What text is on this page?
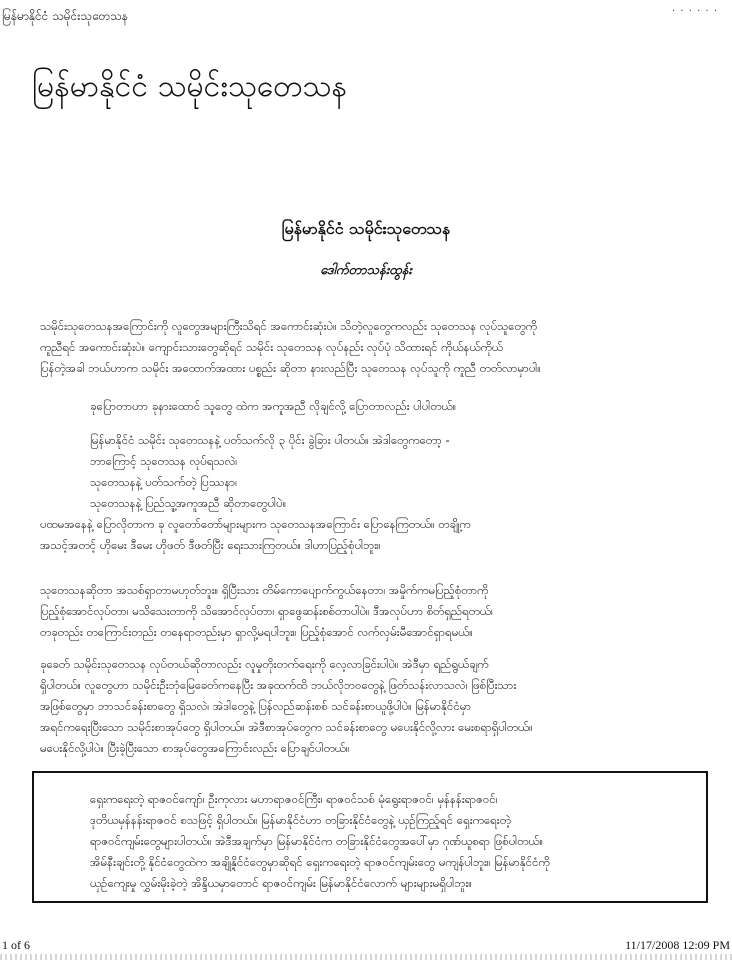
မြန်မာနိုင်ငံ သမိုင်းသုတေသန	· · · · · ·
မြန်မာနိုင်ငံ သမိုင်းသုတေသန
မြန်မာနိုင်ငံ သမိုင်းသုတေသန
ဒေါက်တာသန်းထွန်း
သမိုင်းသုတေသနအကြောင်းကို လူတွေအများကြီးသိရင် အကောင်းဆုံးပဲ။ သိတဲ့လူတွေကလည်း သုတေသန လုပ်သူတွေကို
ကူညီရင် အကောင်းဆုံးပဲ။ ကျောင်းသားတွေဆိုရင် သမိုင်း သုတေသန လုပ်နည်း လုပ်ပုံ သိထားရင် ကိုယ်နယ်ကိုယ်
ပြန်တဲ့အခါ ဘယ်ဟာက သမိုင်း အထောက်အထား ပစ္စည်း ဆိုတာ နားလည်ပြီး သုတေသန လုပ်သူကို ကူညီ တတ်လာမှာပါ။
ခုပြောတာဟာ ခုနားထောင် သူတွေ ထဲက အကူအညီ လိုချင်လို့ ပြောတာလည်း ပါပါတယ်။
မြန်မာနိုင်ငံ သမိုင်း သုတေသနနဲ့ ပတ်သက်လို ၃ ပိုင်း ခွဲခြား ပါတယ်။ အဲဒါတွေကတော့ -
ဘာကြောင့် သုတေသန လုပ်ရသလဲ၊
သုတေသနနဲ့ ပတ်သက်တဲ့ ပြဿနာ၊
သုတေသနနဲ့ ပြည်သူ့အကူအညီ ဆိုတာတွေပါပဲ။
ပထမအနေနဲ့ ပြောလိုတာက ခု လူတော်တော်များများက သုတေသနအကြောင်း ပြောနေကြတယ်။ တချို့က
အသင့်အတင့် ဟိုမေး ဒီမေး ဟိုဖတ် ဒီဖတ်ပြီး ရေးသားကြတယ်။ ဒါဟာပြည့်စုံပါဘူး။
သုတေသနဆိုတာ အသစ်ရှာတာမဟုတ်ဘူး။ ရှိပြီးသား တိမ်ကောပျောက်ကွယ်နေတာ၊ အမှိုက်ကမပြည့်စုံတာကို
ပြည့်စုံအောင်လုပ်တာ၊ မသိသေးတာကို သိအောင်လုပ်တာ၊ ရှာဖွေဆန်းစစ်တာပါပဲ။ ဒီအလုပ်ဟာ စိတ်ရှည်ရတယ်၊
တခုတည်း တကြောင်းတည်း တနေရာတည်းမှာ ရှာလို့မရပါဘူး။ ပြည့်စုံအောင် လက်လှမ်းမီအောင်ရှာရမယ်။
ခုခေတ် သမိုင်းသုတေသန လုပ်တယ်ဆိုတာလည်း လူမှုတိုးတက်ရေးကို လေ့လာခြင်းပါပဲ။ အဲဒီမှာ ရည်ရွယ်ချက်
ရှိပါတယ်။ လူတွေဟာ သမိုင်းဦးဘုံမြေခေတ်ကနေပြီး အခုထက်ထိ ဘယ်လိုဘဝတွေနဲ့ ဖြတ်သန်းလာသလဲ၊ ဖြစ်ပြီးသား
အဖြစ်တွေမှာ ဘာသင်ခန်းစာတွေ ရှိသလဲ၊ အဲဒါတွေနဲ့ ပြန်လည်ဆန်းစစ် သင်ခန်းစာယူဖို့ပါပဲ။ မြန်မာနိုင်ငံမှာ
အရင်ကရေးပြီးသော သမိုင်းစာအုပ်တွေ ရှိပါတယ်။ အဲဒီစာအုပ်တွေက သင်ခန်းစာတွေ မပေးနိုင်လို့လား မေးစရာရှိပါတယ်။
မပေးနိုင်လို့ပါပဲ။ ပြီးခဲ့ပြီးသော စာအုပ်တွေအကြောင်းလည်း ပြောချင်ပါတယ်။
ရှေးကရေးတဲ့ ရာဇဝင်ကျော်၊ ဦးကုလား မဟာရာဇဝင်ကြီး၊ ရာဇဝင်သစ် မုံရွေးရာဇဝင်၊ မှန်နန်းရာဇဝင်၊
ဒုတိယမှန်နန်းရာဇဝင် စသဖြင့် ရှိပါတယ်။ မြန်မာနိုင်ငံဟာ တခြားနိုင်ငံတွေနဲ့ ယှဉ်ကြည့်ရင် ရှေးကရေးတဲ့
ရာဇဝင်ကျမ်းတွေများပါတယ်။ အဲဒီအချက်မှာ မြန်မာနိုင်ငံက တခြားနိုင်ငံတွေအပေါ်မှာ ဂုဏ်ယူစရာ ဖြစ်ပါတယ်။
အိမ်နီးချင်းတို့ နိုင်ငံတွေထဲက အချို့နိုင်ငံတွေမှာဆိုရင် ရှေးကရေးတဲ့ ရာဇဝင်ကျမ်းတွေ မကျန်ပါဘူး။ မြန်မာနိုင်ငံကို
ယှဉ်ကျေးမှု လွှမ်းမိုးခဲ့တဲ့ အိန္ဒိယမှာတောင် ရာဇဝင်ကျမ်း မြန်မာနိုင်ငံလောက် များများမရှိပါဘူး။
1 of 6	11/17/2008 12:09 PM
